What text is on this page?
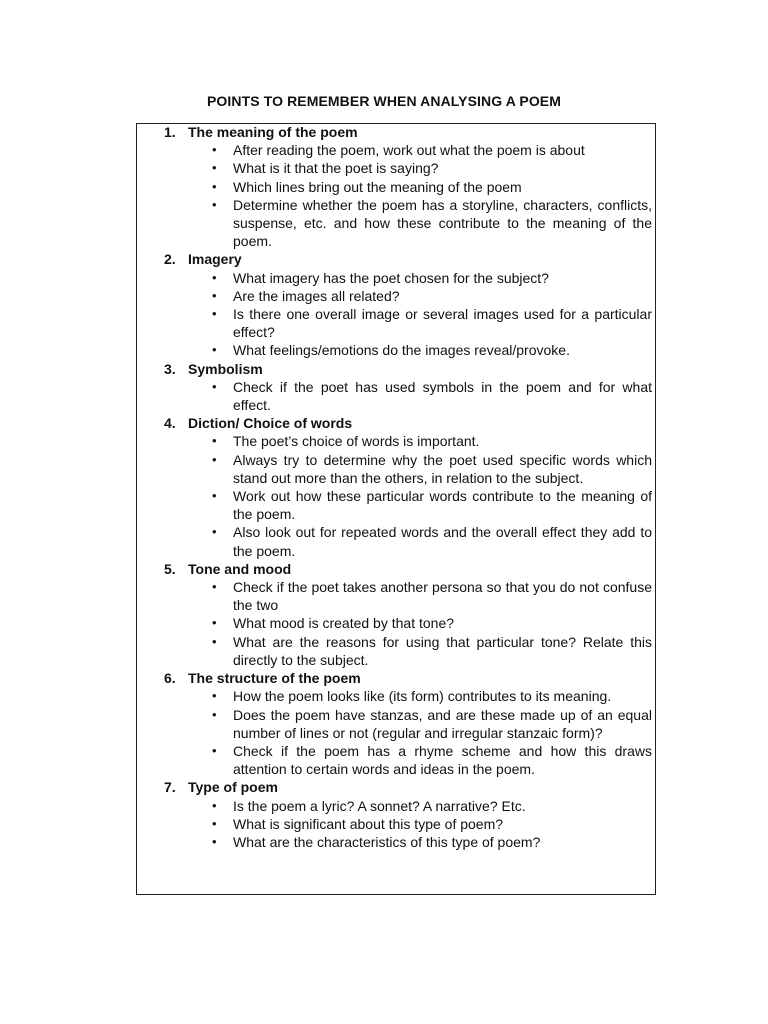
POINTS TO REMEMBER WHEN ANALYSING A POEM
1. The meaning of the poem
• After reading the poem, work out what the poem is about
• What is it that the poet is saying?
• Which lines bring out the meaning of the poem
• Determine whether the poem has a storyline, characters, conflicts, suspense, etc. and how these contribute to the meaning of the poem.
2. Imagery
• What imagery has the poet chosen for the subject?
• Are the images all related?
• Is there one overall image or several images used for a particular effect?
• What feelings/emotions do the images reveal/provoke.
3. Symbolism
• Check if the poet has used symbols in the poem and for what effect.
4. Diction/ Choice of words
• The poet’s choice of words is important.
• Always try to determine why the poet used specific words which stand out more than the others, in relation to the subject.
• Work out how these particular words contribute to the meaning of the poem.
• Also look out for repeated words and the overall effect they add to the poem.
5. Tone and mood
• Check if the poet takes another persona so that you do not confuse the two
• What mood is created by that tone?
• What are the reasons for using that particular tone? Relate this directly to the subject.
6. The structure of the poem
• How the poem looks like (its form) contributes to its meaning.
• Does the poem have stanzas, and are these made up of an equal number of lines or not (regular and irregular stanzaic form)?
• Check if the poem has a rhyme scheme and how this draws attention to certain words and ideas in the poem.
7. Type of poem
• Is the poem a lyric? A sonnet? A narrative? Etc.
• What is significant about this type of poem?
• What are the characteristics of this type of poem?
